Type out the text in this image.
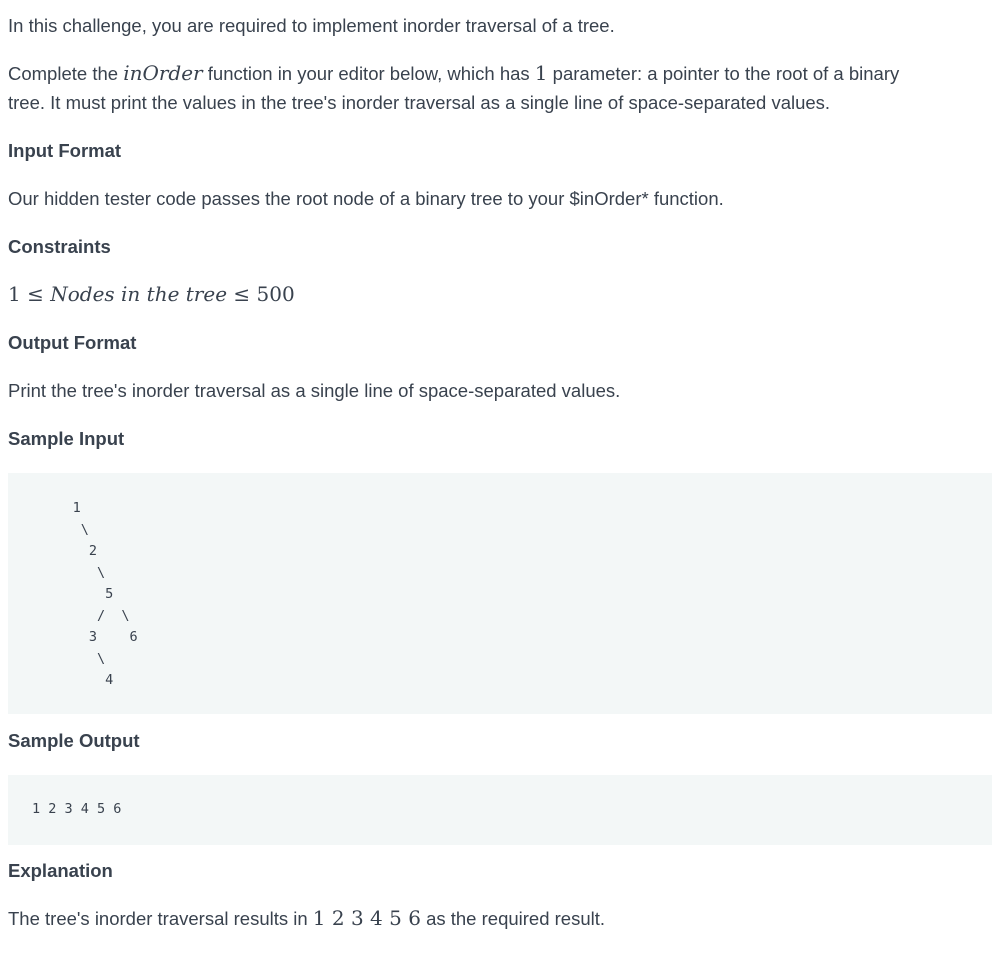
In this challenge, you are required to implement inorder traversal of a tree.

Complete the inOrder function in your editor below, which has 1 parameter: a pointer to the root of a binary
tree. It must print the values in the tree's inorder traversal as a single line of space-separated values.

Input Format

Our hidden tester code passes the root node of a binary tree to your $inOrder* function.

Constraints

1 ≤ Nodes in the tree ≤ 500

Output Format

Print the tree's inorder traversal as a single line of space-separated values.

Sample Input
1
\
2
\
5
/  \
3    6
\
4
Sample Output
1 2 3 4 5 6
Explanation

The tree's inorder traversal results in 1 2 3 4 5 6 as the required result.
